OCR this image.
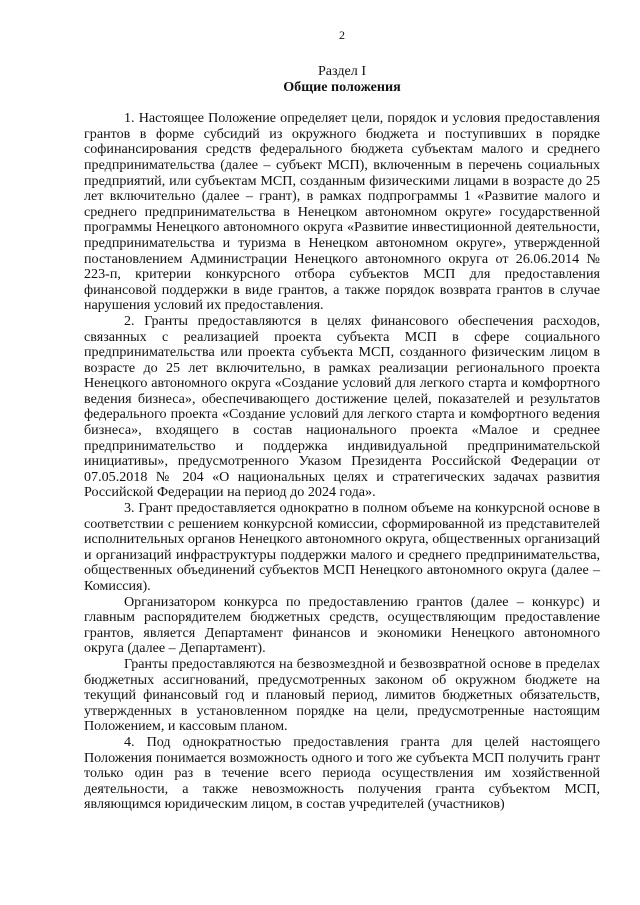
2
Раздел I
Общие положения

1. Настоящее Положение определяет цели, порядок и условия предоставления грантов в форме субсидий из окружного бюджета и поступивших в порядке софинансирования средств федерального бюджета субъектам малого и среднего предпринимательства (далее – субъект МСП), включенным в перечень социальных предприятий, или субъектам МСП, созданным физическими лицами в возрасте до 25 лет включительно (далее – грант), в рамках подпрограммы 1 «Развитие малого и среднего предпринимательства в Ненецком автономном округе» государственной программы Ненецкого автономного округа «Развитие инвестиционной деятельности, предпринимательства и туризма в Ненецком автономном округе», утвержденной постановлением Администрации Ненецкого автономного округа от 26.06.2014 № 223-п, критерии конкурсного отбора субъектов МСП для предоставления финансовой поддержки в виде грантов, а также порядок возврата грантов в случае нарушения условий их предоставления.

2. Гранты предоставляются в целях финансового обеспечения расходов, связанных с реализацией проекта субъекта МСП в сфере социального предпринимательства или проекта субъекта МСП, созданного физическим лицом в возрасте до 25 лет включительно, в рамках реализации регионального проекта Ненецкого автономного округа «Создание условий для легкого старта и комфортного ведения бизнеса», обеспечивающего достижение целей, показателей и результатов федерального проекта «Создание условий для легкого старта и комфортного ведения бизнеса», входящего в состав национального проекта «Малое и среднее предпринимательство и поддержка индивидуальной предпринимательской инициативы», предусмотренного Указом Президента Российской Федерации от 07.05.2018 № 204 «О национальных целях и стратегических задачах развития Российской Федерации на период до 2024 года».

3. Грант предоставляется однократно в полном объеме на конкурсной основе в соответствии с решением конкурсной комиссии, сформированной из представителей исполнительных органов Ненецкого автономного округа, общественных организаций и организаций инфраструктуры поддержки малого и среднего предпринимательства, общественных объединений субъектов МСП Ненецкого автономного округа (далее – Комиссия).

Организатором конкурса по предоставлению грантов (далее – конкурс) и главным распорядителем бюджетных средств, осуществляющим предоставление грантов, является Департамент финансов и экономики Ненецкого автономного округа (далее – Департамент).

Гранты предоставляются на безвозмездной и безвозвратной основе в пределах бюджетных ассигнований, предусмотренных законом об окружном бюджете на текущий финансовый год и плановый период, лимитов бюджетных обязательств, утвержденных в установленном порядке на цели, предусмотренные настоящим Положением, и кассовым планом.

4. Под однократностью предоставления гранта для целей настоящего Положения понимается возможность одного и того же субъекта МСП получить грант только один раз в течение всего периода осуществления им хозяйственной деятельности, а также невозможность получения гранта субъектом МСП, являющимся юридическим лицом, в состав учредителей (участников)
